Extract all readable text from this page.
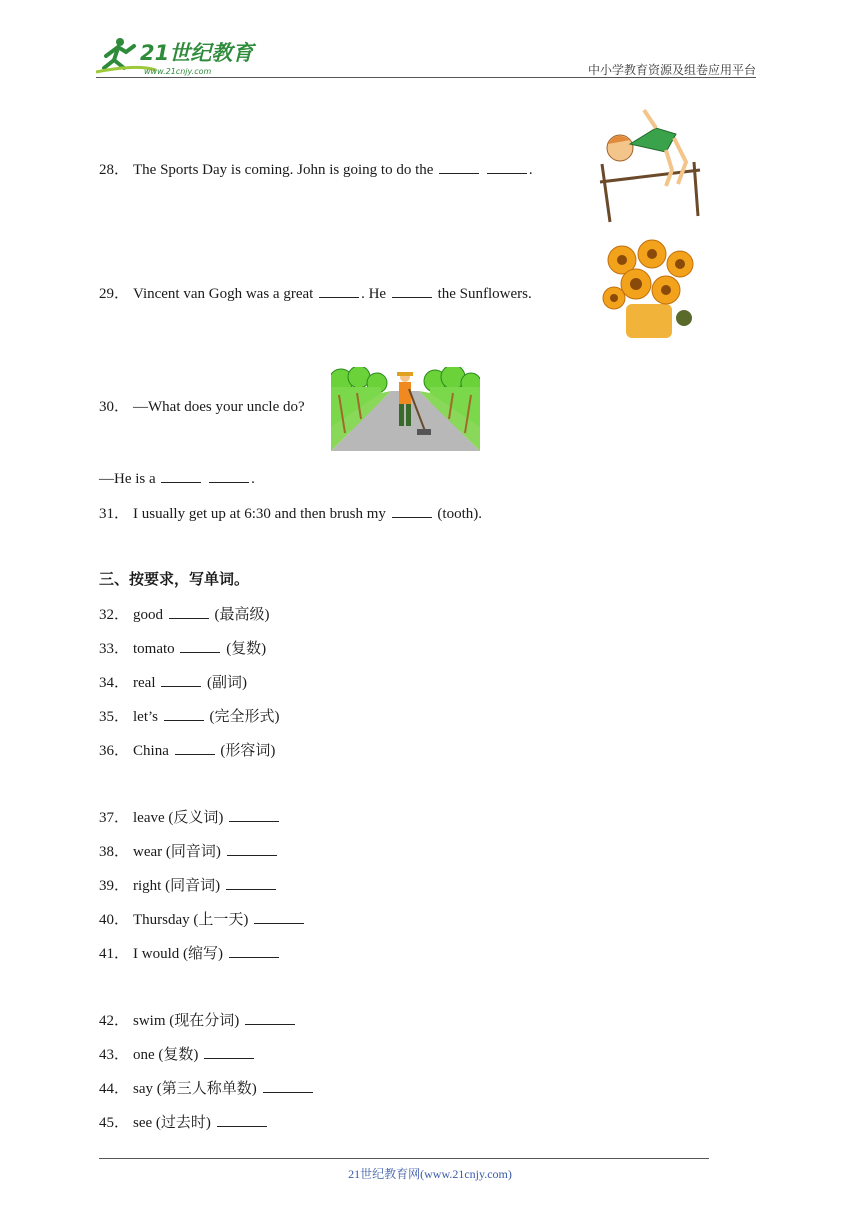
21世纪教育
www.21cnjy.com	中小学教育资源及组卷应用平台
28． The Sports Day is coming. John is going to do the	.
29． Vincent van Gogh was a great	. He	the Sunflowers.
30． —What does your uncle do?
—He is a	.
31． I usually get up at 6:30 and then brush my	(tooth).
三、按要求，写单词。
32． good	(最高级)
33． tomato	(复数)
34． real	(副词)
35． let’s	(完全形式)
36． China	(形容词)
37． leave (反义词)
38． wear (同音词)
39． right (同音词)
40． Thursday (上一天)
41． I would (缩写)
42． swim (现在分词)
43． one (复数)
44． say (第三人称单数)
45． see (过去时)
21世纪教育网(www.21cnjy.com)
